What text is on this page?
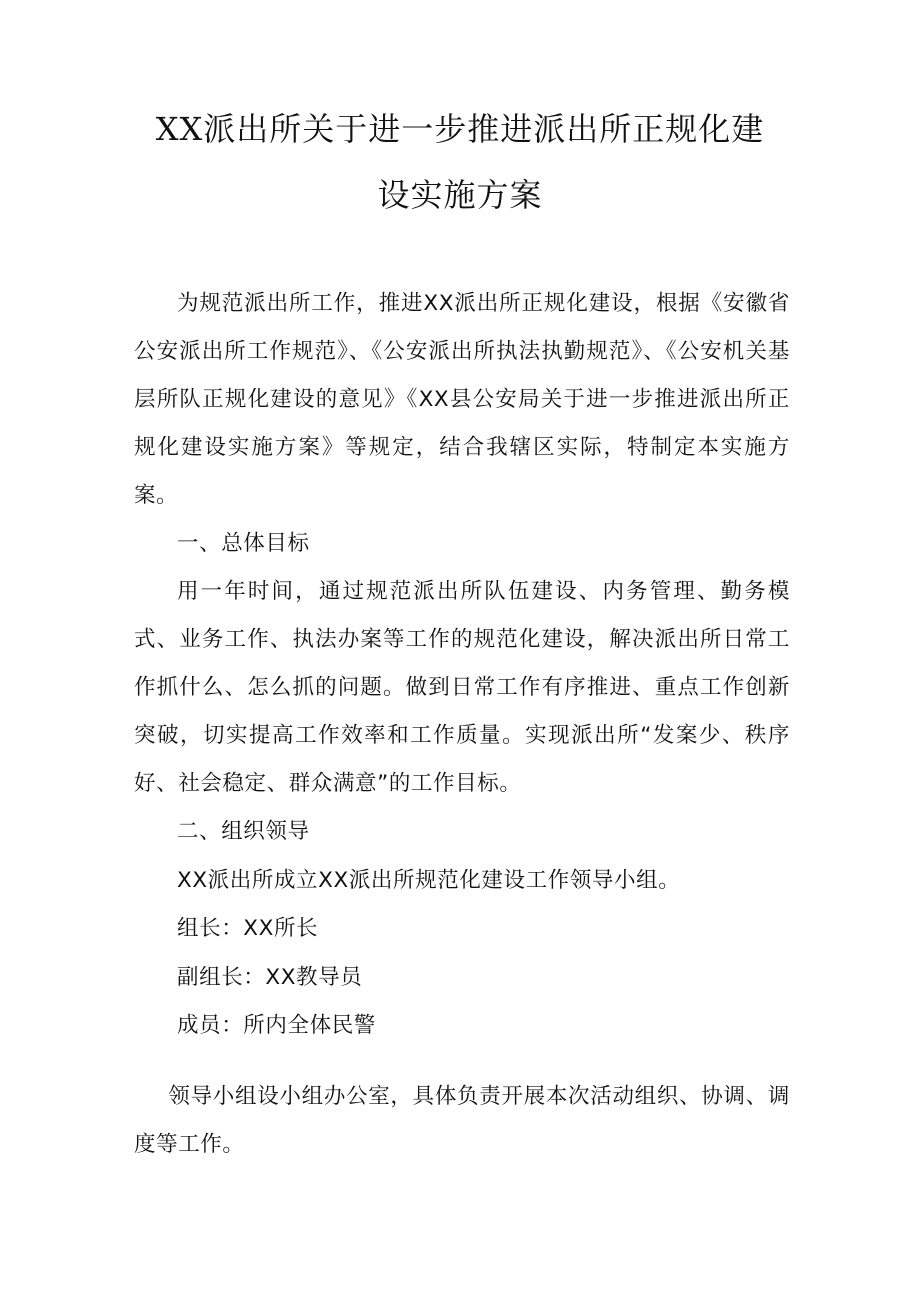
XX派出所关于进一步推进派出所正规化建
设实施方案

为规范派出所工作，推进XX派出所正规化建设，根据《安徽省公安派出所工作规范》、《公安派出所执法执勤规范》、《公安机关基层所队正规化建设的意见》《XX县公安局关于进一步推进派出所正规化建设实施方案》等规定，结合我辖区实际，特制定本实施方案。

一、总体目标

用一年时间，通过规范派出所队伍建设、内务管理、勤务模式、业务工作、执法办案等工作的规范化建设，解决派出所日常工作抓什么、怎么抓的问题。做到日常工作有序推进、重点工作创新突破，切实提高工作效率和工作质量。实现派出所“发案少、秩序好、社会稳定、群众满意”的工作目标。

二、组织领导

XX派出所成立XX派出所规范化建设工作领导小组。

组长：XX所长

副组长：XX教导员

成员：所内全体民警

领导小组设小组办公室，具体负责开展本次活动组织、协调、调度等工作。
